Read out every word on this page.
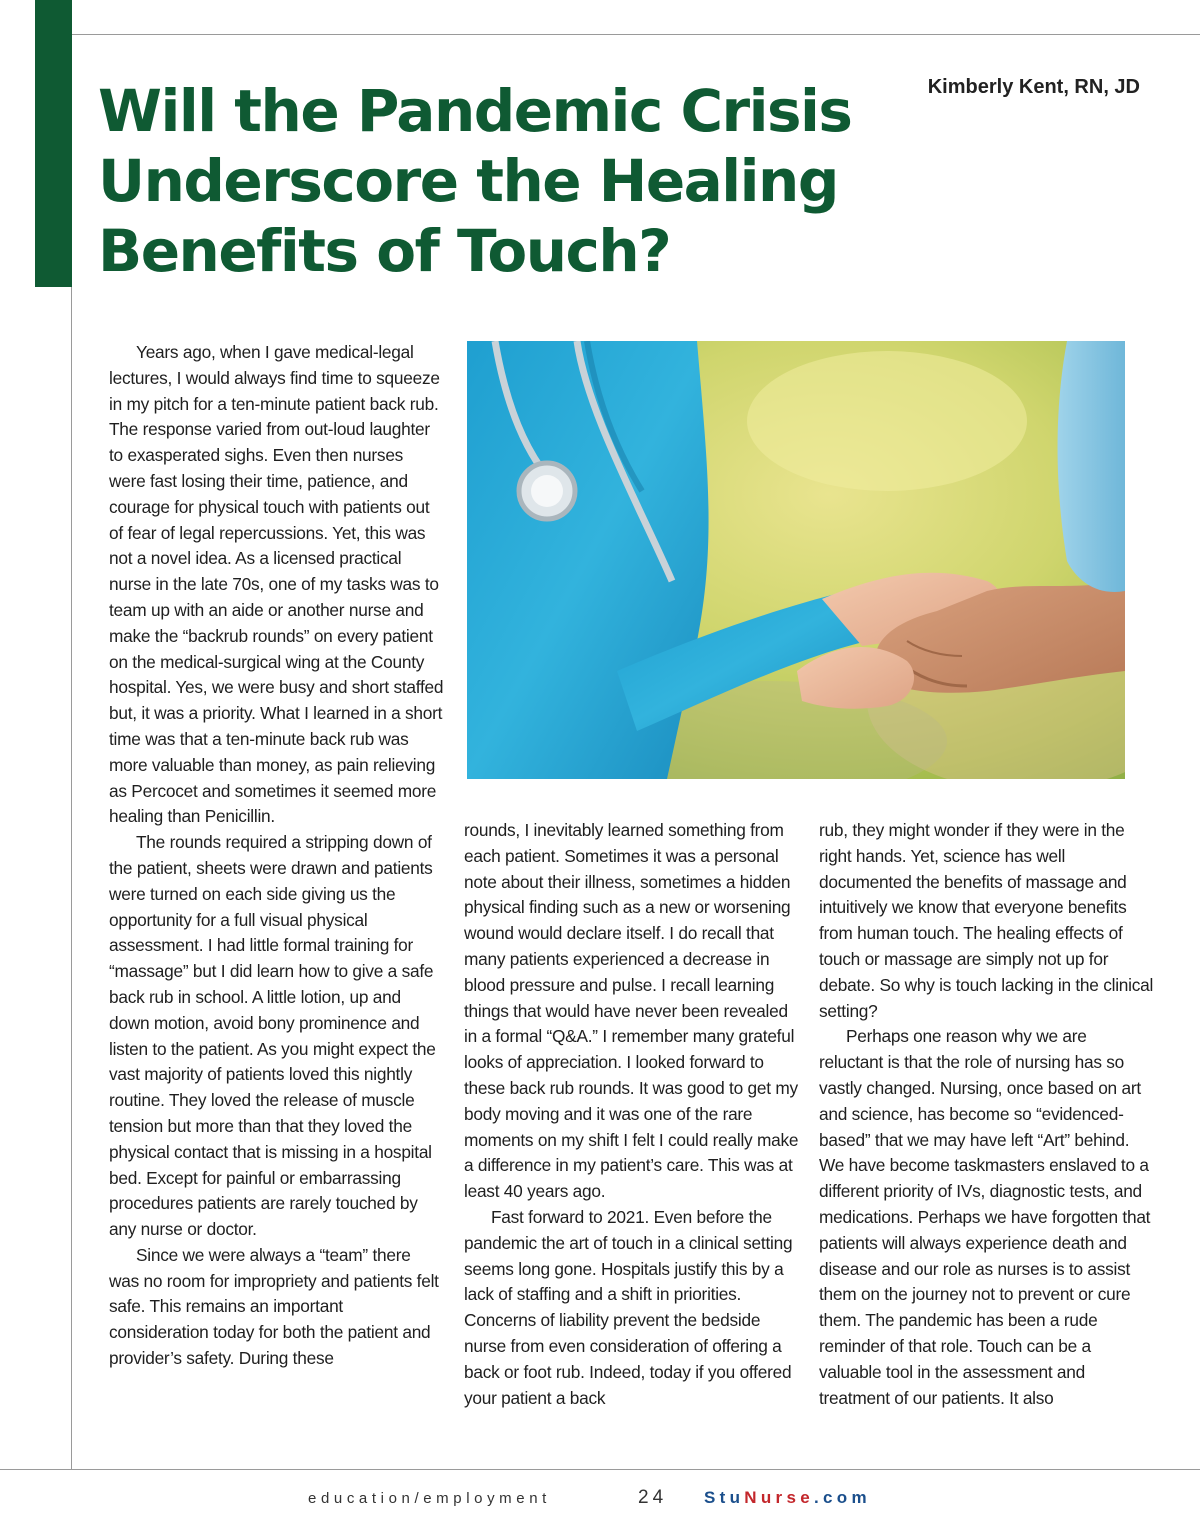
Will the Pandemic Crisis
Underscore the Healing
Benefits of Touch?
Kimberly Kent, RN, JD

Years ago, when I gave medical-legal lectures, I would always find time to squeeze in my pitch for a ten-minute patient back rub. The response varied from out-loud laughter to exasperated sighs. Even then nurses were fast losing their time, patience, and courage for physical touch with patients out of fear of legal repercussions. Yet, this was not a novel idea. As a licensed practical nurse in the late 70s, one of my tasks was to team up with an aide or another nurse and make the “backrub rounds” on every patient on the medical-surgical wing at the County hospital. Yes, we were busy and short staffed but, it was a priority. What I learned in a short time was that a ten-minute back rub was more valuable than money, as pain relieving as Percocet and sometimes it seemed more healing than Penicillin.

The rounds required a stripping down of the patient, sheets were drawn and patients were turned on each side giving us the opportunity for a full visual physical assessment. I had little formal training for “massage” but I did learn how to give a safe back rub in school. A little lotion, up and down motion, avoid bony prominence and listen to the patient. As you might expect the vast majority of patients loved this nightly routine. They loved the release of muscle tension but more than that they loved the physical contact that is missing in a hospital bed. Except for painful or embarrassing procedures patients are rarely touched by any nurse or doctor.

Since we were always a “team” there was no room for impropriety and patients felt safe. This remains an important consideration today for both the patient and provider’s safety. During these

rounds, I inevitably learned something from each patient. Sometimes it was a personal note about their illness, sometimes a hidden physical finding such as a new or worsening wound would declare itself. I do recall that many patients experienced a decrease in blood pressure and pulse. I recall learning things that would have never been revealed in a formal “Q&A.” I remember many grateful looks of appreciation. I looked forward to these back rub rounds. It was good to get my body moving and it was one of the rare moments on my shift I felt I could really make a difference in my patient’s care. This was at least 40 years ago.

Fast forward to 2021. Even before the pandemic the art of touch in a clinical setting seems long gone. Hospitals justify this by a lack of staffing and a shift in priorities. Concerns of liability prevent the bedside nurse from even consideration of offering a back or foot rub. Indeed, today if you offered your patient a back

rub, they might wonder if they were in the right hands. Yet, science has well documented the benefits of massage and intuitively we know that everyone benefits from human touch. The healing effects of touch or massage are simply not up for debate. So why is touch lacking in the clinical setting?

Perhaps one reason why we are reluctant is that the role of nursing has so vastly changed. Nursing, once based on art and science, has become so “evidenced-based” that we may have left “Art” behind. We have become taskmasters enslaved to a different priority of IVs, diagnostic tests, and medications. Perhaps we have forgotten that patients will always experience death and disease and our role as nurses is to assist them on the journey not to prevent or cure them. The pandemic has been a rude reminder of that role. Touch can be a valuable tool in the assessment and treatment of our patients. It also

education/employment	24 StuNurse.com
